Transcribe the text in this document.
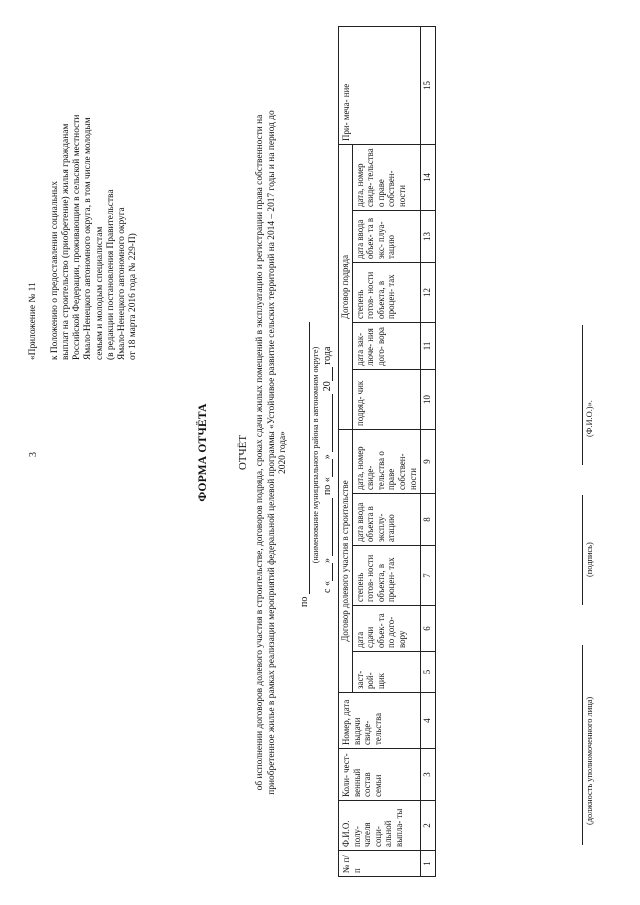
3
«Приложение № 11
к Положению о предоставлении социальных выплат на строительство (приобретение) жилья гражданам Российской Федерации, проживающим в сельской местности Ямало-Ненецкого автономного округа, в том числе молодым семьям и молодым специалистам (в редакции постановления Правительства Ямало-Ненецкого автономного округа от 18 марта 2016 года № 229-П)
ФОРМА ОТЧЁТА	ОТЧЁТ об исполнении договоров долевого участия в строительстве, договоров подряда, сроках сдачи жилых помещений в эксплуатацию и регистрации права собственности на приобретенное жилье в рамках реализации мероприятий федеральной целевой программы «Устойчивое развитие сельских территорий на 2014 – 2017 годы и на период до 2020 года»
по
(наименование муниципального района в автономном округе)
с «»  по «»  20 года
№ п/п	Ф.И.О. полу- чателя соци- альной выпла- ты	Коли- чест- венный состав семьи	Номер, дата выдачи свиде- тельства	Договор долевого участия в строительстве					Договор подряда					При- меча- ние
				заст- рой- щик	дата сдачи объек- та по дого- вору	степень готов- ности объекта, в процен- тах	дата ввода объекта в эксплу- атацию	дата, номер свиде- тельства о праве собствен- ности	подряд- чик	дата зак- лючe- ния дого- вора	степень готов- ности объекта, в процен- тах	дата ввода объек- та в экс- плуа- тацию	дата, номер свиде- тельства о праве собствен- ности	
1	2	3	4	5	6	7	8	9	10	11	12	13	14	15
(должность уполномоченного лица)
(подпись)
(Ф.И.О.)».
